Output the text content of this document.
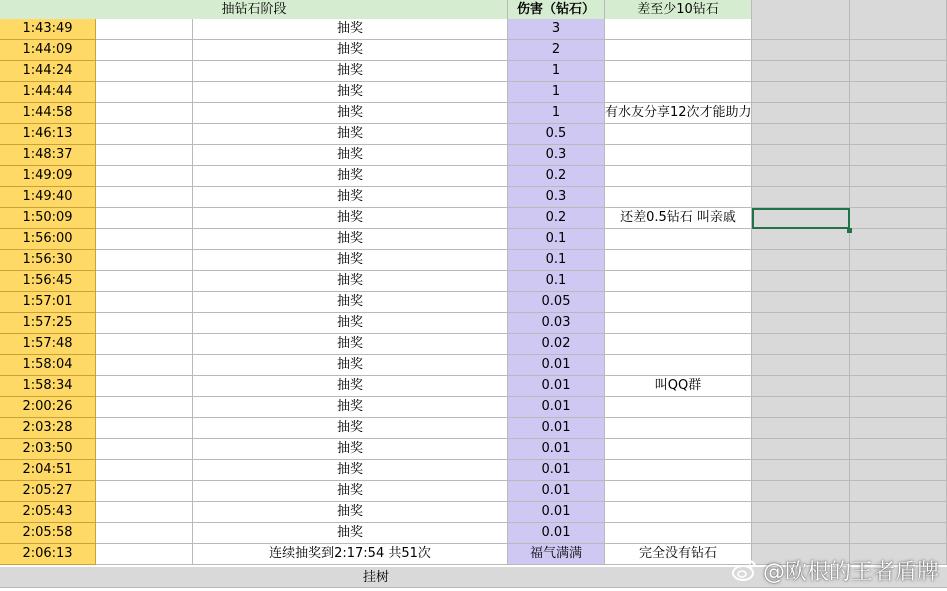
抽钻石阶段	伤害（钻石）	差至少10钻石
1:43:49	抽奖	3
1:44:09	抽奖	2
1:44:24	抽奖	1
1:44:44	抽奖	1
1:44:58	抽奖	1	有水友分享12次才能助力
1:46:13	抽奖	0.5
1:48:37	抽奖	0.3
1:49:09	抽奖	0.2
1:49:40	抽奖	0.3
1:50:09	抽奖	0.2	还差0.5钻石 叫亲戚
1:56:00	抽奖	0.1
1:56:30	抽奖	0.1
1:56:45	抽奖	0.1
1:57:01	抽奖	0.05
1:57:25	抽奖	0.03
1:57:48	抽奖	0.02
1:58:04	抽奖	0.01
1:58:34	抽奖	0.01	叫QQ群
2:00:26	抽奖	0.01
2:03:28	抽奖	0.01
2:03:50	抽奖	0.01
2:04:51	抽奖	0.01
2:05:27	抽奖	0.01
2:05:43	抽奖	0.01
2:05:58	抽奖	0.01
2:06:13	连续抽奖到2:17:54 共51次	福气满满	完全没有钻石
挂树	@欧根的王者盾牌
